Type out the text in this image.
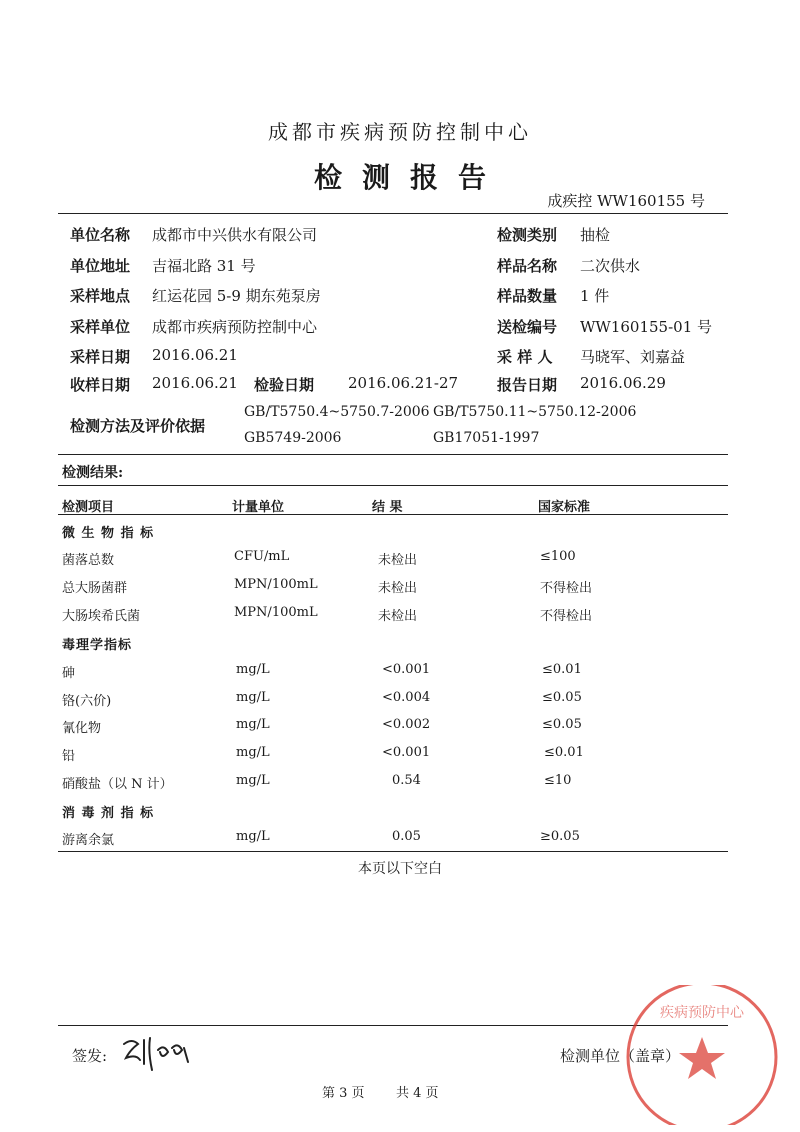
成都市疾病预防控制中心
检测报告
成疾控 WW160155 号
单位名称 成都市中兴供水有限公司
单位地址 吉福北路 31 号
采样地点 红运花园 5-9 期东苑泵房
采样单位 成都市疾病预防控制中心
采样日期 2016.06.21
收样日期 2016.06.21 检验日期 2016.06.21-27
检测类别 抽检
样品名称 二次供水
样品数量 1 件
送检编号 WW160155-01 号
采 样 人 马晓军、刘嘉益
报告日期 2016.06.29
检测方法及评价依据
GB/T5750.4~5750.7-2006 GB/T5750.11~5750.12-2006
GB5749-2006	GB17051-1997
检测结果:
检测项目	计量单位	结 果	国家标准
微 生 物 指 标
菌落总数	CFU/mL	未检出	≤100
总大肠菌群	MPN/100mL	未检出	不得检出
大肠埃希氏菌	MPN/100mL	未检出	不得检出
毒理学指标
砷	mg/L	<0.001	≤0.01
铬(六价)	mg/L	<0.004	≤0.05
氰化物	mg/L	<0.002	≤0.05
铅	mg/L	<0.001	≤0.01
硝酸盐（以 N 计）	mg/L	0.54	≤10
消 毒 剂 指 标
游离余氯	mg/L	0.05	≥0.05
本页以下空白
签发:	检测单位（盖章）
疾病预防中心
第 3 页 共 4 页
